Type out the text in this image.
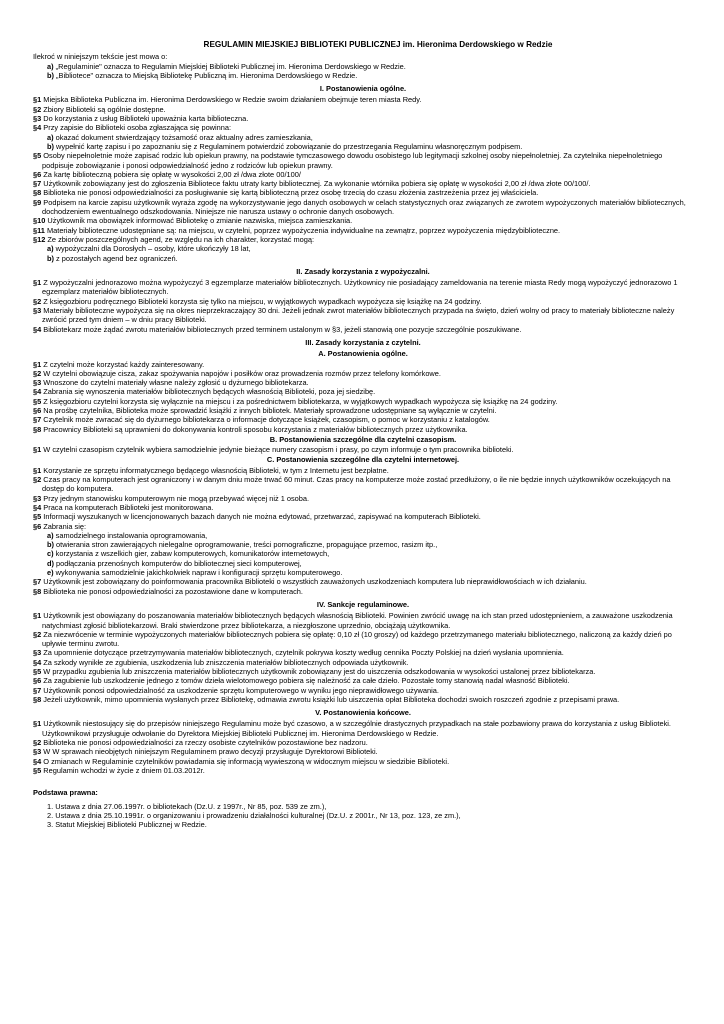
REGULAMIN MIEJSKIEJ BIBLIOTEKI PUBLICZNEJ im. Hieronima Derdowskiego w Redzie
Ilekroć w niniejszym tekście jest mowa o:
a) „Regulaminie" oznacza to Regulamin Miejskiej Biblioteki Publicznej im. Hieronima Derdowskiego w Redzie.
b) „Bibliotece" oznacza to Miejską Bibliotekę Publiczną im. Hieronima Derdowskiego w Redzie.
I. Postanowienia ogólne.
§1 Miejska Biblioteka Publiczna im. Hieronima Derdowskiego w Redzie swoim działaniem obejmuje teren miasta Redy.
§2 Zbiory Biblioteki są ogólnie dostępne.
§3 Do korzystania z usług Biblioteki upoważnia karta biblioteczna.
§4 Przy zapisie do Biblioteki osoba zgłaszająca się powinna:
a) okazać dokument stwierdzający tożsamość oraz aktualny adres zamieszkania,
b) wypełnić kartę zapisu i po zapoznaniu się z Regulaminem potwierdzić zobowiązanie do przestrzegania Regulaminu własnoręcznym podpisem.
§5 Osoby niepełnoletnie może zapisać rodzic lub opiekun prawny, na podstawie tymczasowego dowodu osobistego lub legitymacji szkolnej osoby niepełnoletniej. Za czytelnika niepełnoletniego podpisuje zobowiązanie i ponosi odpowiedzialność jedno z rodziców lub opiekun prawny.
§6 Za kartę biblioteczną pobiera się opłatę w wysokości 2,00 zł /dwa złote 00/100/
§7 Użytkownik zobowiązany jest do zgłoszenia Bibliotece faktu utraty karty bibliotecznej. Za wykonanie wtórnika pobiera się opłatę w wysokości 2,00 zł /dwa złote 00/100/.
§8 Biblioteka nie ponosi odpowiedzialności za posługiwanie się kartą biblioteczną przez osobę trzecią do czasu złożenia zastrzeżenia przez jej właściciela.
§9 Podpisem na karcie zapisu użytkownik wyraża zgodę na wykorzystywanie jego danych osobowych w celach statystycznych oraz związanych ze zwrotem wypożyczonych materiałów bibliotecznych, dochodzeniem ewentualnego odszkodowania. Niniejsze nie narusza ustawy o ochronie danych osobowych.
§10 Użytkownik ma obowiązek informować Bibliotekę o zmianie nazwiska, miejsca zamieszkania.
§11 Materiały biblioteczne udostępniane są: na miejscu, w czytelni, poprzez wypożyczenia indywidualne na zewnątrz, poprzez wypożyczenia międzybiblioteczne.
§12 Ze zbiorów poszczególnych agend, ze względu na ich charakter, korzystać mogą:
a) wypożyczalni dla Dorosłych – osoby, które ukończyły 18 lat,
b) z pozostałych agend bez ograniczeń.
II. Zasady korzystania z wypożyczalni.
§1 Z wypożyczalni jednorazowo można wypożyczyć 3 egzemplarze materiałów bibliotecznych. Użytkownicy nie posiadający zameldowania na terenie miasta Redy mogą wypożyczyć jednorazowo 1 egzemplarz materiałów bibliotecznych.
§2 Z księgozbioru podręcznego Biblioteki korzysta się tylko na miejscu, w wyjątkowych wypadkach wypożycza się książkę na 24 godziny.
§3 Materiały biblioteczne wypożycza się na okres nieprzekraczający 30 dni. Jeżeli jednak zwrot materiałów bibliotecznych przypada na święto, dzień wolny od pracy to materiały biblioteczne należy zwrócić przed tym dniem – w dniu pracy Biblioteki.
§4 Bibliotekarz może żądać zwrotu materiałów bibliotecznych przed terminem ustalonym w §3, jeżeli stanowią one pozycje szczególnie poszukiwane.
III. Zasady korzystania z czytelni.
A. Postanowienia ogólne.
§1 Z czytelni może korzystać każdy zainteresowany.
§2 W czytelni obowiązuje cisza, zakaz spożywania napojów i posiłków oraz prowadzenia rozmów przez telefony komórkowe.
§3 Wnoszone do czytelni materiały własne należy zgłosić u dyżurnego bibliotekarza.
§4 Zabrania się wynoszenia materiałów bibliotecznych będących własnością Biblioteki, poza jej siedzibę.
§5 Z księgozbioru czytelni korzysta się wyłącznie na miejscu i za pośrednictwem bibliotekarza, w wyjątkowych wypadkach wypożycza się książkę na 24 godziny.
§6 Na prośbę czytelnika, Biblioteka może sprowadzić książki z innych bibliotek. Materiały sprowadzone udostępniane są wyłącznie w czytelni.
§7 Czytelnik może zwracać się do dyżurnego bibliotekarza o informacje dotyczące książek, czasopism, o pomoc w korzystaniu z katalogów.
§8 Pracownicy Biblioteki są uprawnieni do dokonywania kontroli sposobu korzystania z materiałów bibliotecznych przez użytkownika.
B. Postanowienia szczególne dla czytelni czasopism.
§1 W czytelni czasopism czytelnik wybiera samodzielnie jedynie bieżące numery czasopism i prasy, po czym informuje o tym pracownika biblioteki.
C. Postanowienia szczególne dla czytelni internetowej.
§1 Korzystanie ze sprzętu informatycznego będącego własnością Biblioteki, w tym z Internetu jest bezpłatne.
§2 Czas pracy na komputerach jest ograniczony i w danym dniu może trwać 60 minut. Czas pracy na komputerze może zostać przedłużony, o ile nie będzie innych użytkowników oczekujących na dostęp do komputera.
§3 Przy jednym stanowisku komputerowym nie mogą przebywać więcej niż 1 osoba.
§4 Praca na komputerach Biblioteki jest monitorowana.
§5 Informacji wyszukanych w licencjonowanych bazach danych nie można edytować, przetwarzać, zapisywać na komputerach Biblioteki.
§6 Zabrania się:
a) samodzielnego instalowania oprogramowania,
b) otwierania stron zawierających nielegalne oprogramowanie, treści pornograficzne, propagujące przemoc, rasizm itp.,
c) korzystania z wszelkich gier, zabaw komputerowych, komunikatorów internetowych,
d) podłączania przenośnych komputerów do bibliotecznej sieci komputerowej,
e) wykonywania samodzielnie jakichkolwiek napraw i konfiguracji sprzętu komputerowego.
§7 Użytkownik jest zobowiązany do poinformowania pracownika Biblioteki o wszystkich zauważonych uszkodzeniach komputera lub nieprawidłowościach w ich działaniu.
§8 Biblioteka nie ponosi odpowiedzialności za pozostawione dane w komputerach.
IV. Sankcje regulaminowe.
§1 Użytkownik jest obowiązany do poszanowania materiałów bibliotecznych będących własnością Biblioteki. Powinien zwrócić uwagę na ich stan przed udostępnieniem, a zauważone uszkodzenia natychmiast zgłosić bibliotekarzowi. Braki stwierdzone przez bibliotekarza, a niezgłoszone uprzednio, obciążają użytkownika.
§2 Za niezwrócenie w terminie wypożyczonych materiałów bibliotecznych pobiera się opłatę: 0,10 zł (10 groszy) od każdego przetrzymanego materiału bibliotecznego, naliczoną za każdy dzień po upływie terminu zwrotu.
§3 Za upomnienie dotyczące przetrzymywania materiałów bibliotecznych, czytelnik pokrywa koszty według cennika Poczty Polskiej na dzień wysłania upomnienia.
§4 Za szkody wynikłe ze zgubienia, uszkodzenia lub zniszczenia materiałów bibliotecznych odpowiada użytkownik.
§5 W przypadku zgubienia lub zniszczenia materiałów bibliotecznych użytkownik zobowiązany jest do uiszczenia odszkodowania w wysokości ustalonej przez bibliotekarza.
§6 Za zagubienie lub uszkodzenie jednego z tomów dzieła wielotomowego pobiera się należność za całe dzieło. Pozostałe tomy stanowią nadal własność Biblioteki.
§7 Użytkownik ponosi odpowiedzialność za uszkodzenie sprzętu komputerowego w wyniku jego nieprawidłowego używania.
§8 Jeżeli użytkownik, mimo upomnienia wysłanych przez Bibliotekę, odmawia zwrotu książki lub uiszczenia opłat Biblioteka dochodzi swoich roszczeń zgodnie z przepisami prawa.
V. Postanowienia końcowe.
§1 Użytkownik niestosujący się do przepisów niniejszego Regulaminu może być czasowo, a w szczególnie drastycznych przypadkach na stałe pozbawiony prawa do korzystania z usług Biblioteki. Użytkownikowi przysługuje odwołanie do Dyrektora Miejskiej Biblioteki Publicznej im. Hieronima Derdowskiego w Redzie.
§2 Biblioteka nie ponosi odpowiedzialności za rzeczy osobiste czytelników pozostawione bez nadzoru.
§3 W W sprawach nieobjętych niniejszym Regulaminem prawo decyzji przysługuje Dyrektorowi Biblioteki.
§4 O zmianach w Regulaminie czytelników powiadamia się informacją wywieszoną w widocznym miejscu w siedzibie Biblioteki.
§5 Regulamin wchodzi w życie z dniem 01.03.2012r.
Podstawa prawna:
1. Ustawa z dnia 27.06.1997r. o bibliotekach (Dz.U. z 1997r., Nr 85, poz. 539 ze zm.),
2. Ustawa z dnia 25.10.1991r. o organizowaniu i prowadzeniu działalności kulturalnej (Dz.U. z 2001r., Nr 13, poz. 123, ze zm.),
3. Statut Miejskiej Biblioteki Publicznej w Redzie.
